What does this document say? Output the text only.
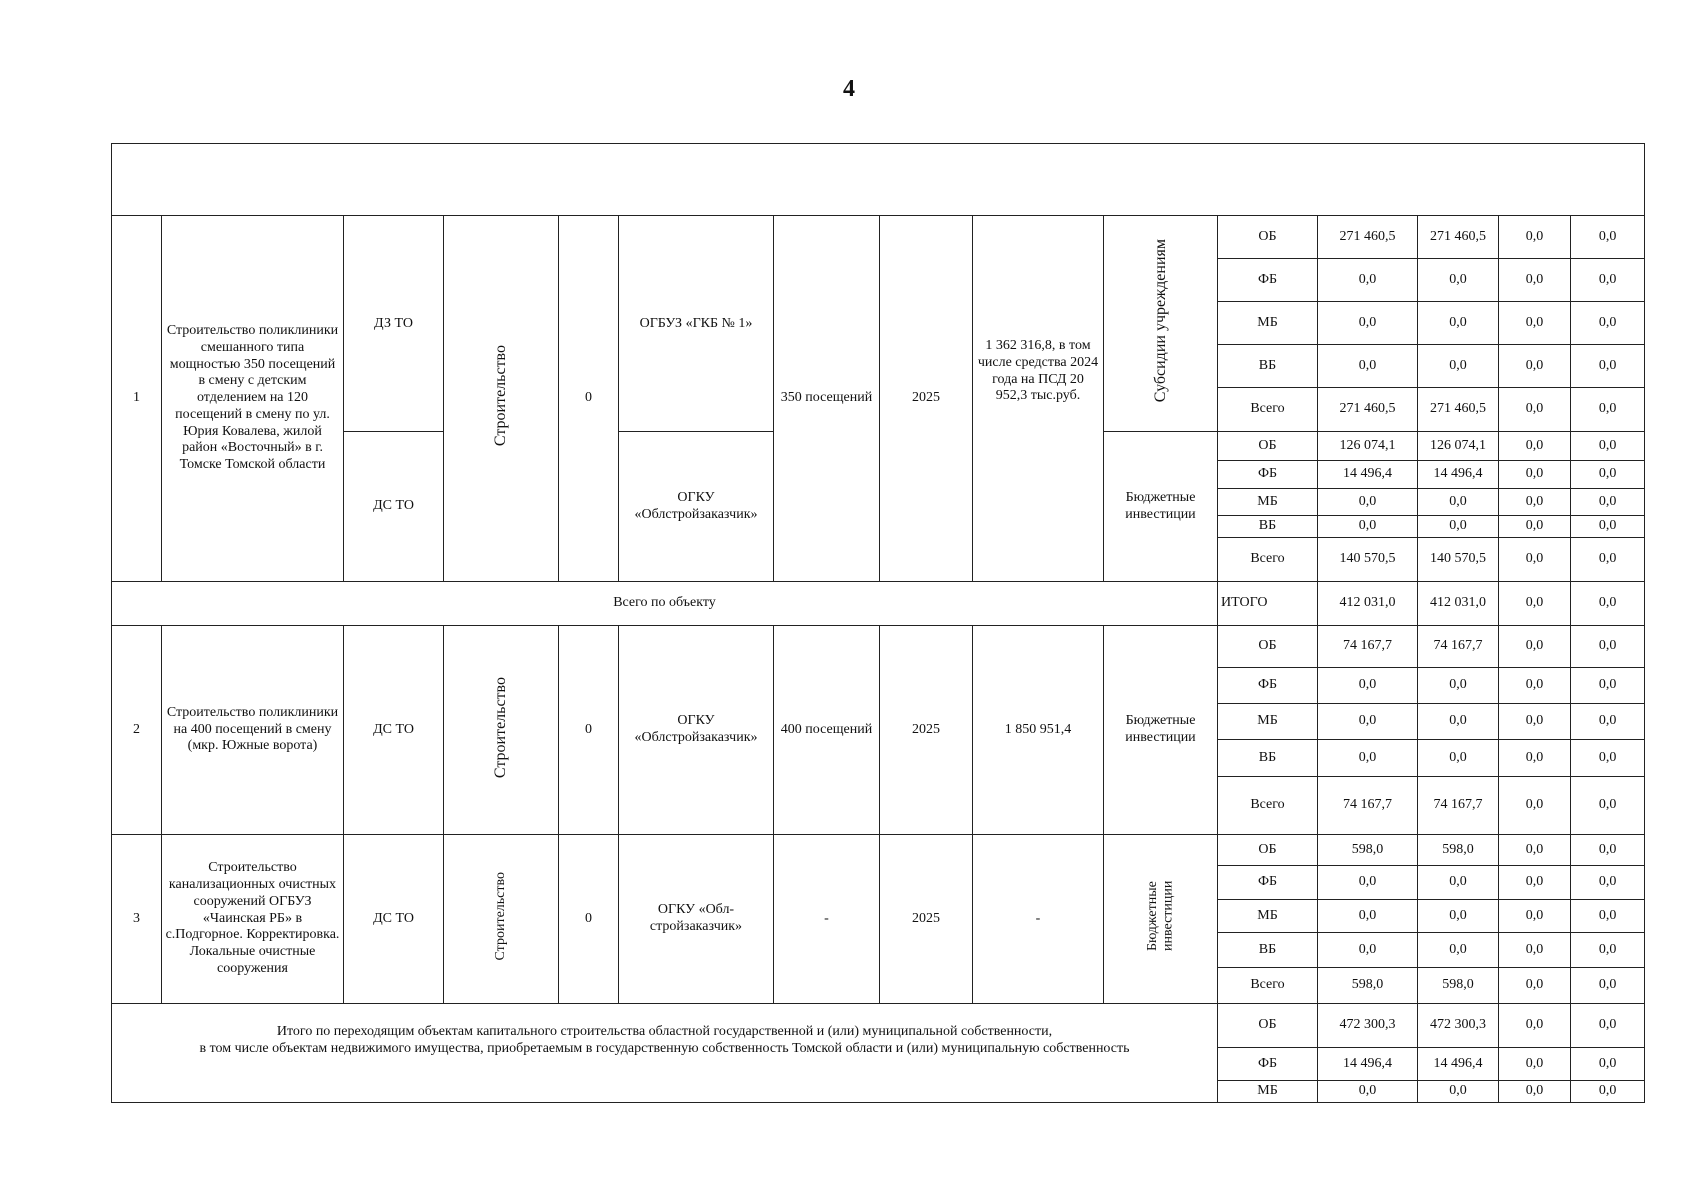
4

1	Строительство поликлиники смешанного типа мощностью 350 посещений в смену с детским отделением на 120 посещений в смену по ул. Юрия Ковалева, жилой район «Восточный» в г. Томске Томской области	ДЗ ТО	Строительство	0	ОГБУЗ «ГКБ № 1»	350 посещений	2025	1 362 316,8, в том числе средства 2024 года на ПСД 20 952,3 тыс.руб.	Субсидии учреждениям	ОБ	271 460,5	271 460,5	0,0	0,0
										ФБ	0,0	0,0	0,0	0,0
										МБ	0,0	0,0	0,0	0,0
										ВБ	0,0	0,0	0,0	0,0
										Всего	271 460,5	271 460,5	0,0	0,0
		ДС ТО			ОГКУ «Облстройзаказчик»				Бюджетные инвестиции	ОБ	126 074,1	126 074,1	0,0	0,0
										ФБ	14 496,4	14 496,4	0,0	0,0
										МБ	0,0	0,0	0,0	0,0
										ВБ	0,0	0,0	0,0	0,0
										Всего	140 570,5	140 570,5	0,0	0,0
Всего по объекту										ИТОГО	412 031,0	412 031,0	0,0	0,0
2	Строительство поликлиники на 400 посещений в смену (мкр. Южные ворота)	ДС ТО	Строительство	0	ОГКУ «Облстройзаказчик»	400 посещений	2025	1 850 951,4	Бюджетные инвестиции	ОБ	74 167,7	74 167,7	0,0	0,0
										ФБ	0,0	0,0	0,0	0,0
										МБ	0,0	0,0	0,0	0,0
										ВБ	0,0	0,0	0,0	0,0
										Всего	74 167,7	74 167,7	0,0	0,0
3	Строительство канализационных очистных сооружений ОГБУЗ «Чаинская РБ» в с.Подгорное. Корректировка. Локальные очистные сооружения	ДС ТО	Строительство	0	ОГКУ «Обл-стройзаказчик»	-	2025	-	Бюджетные инвестиции	ОБ	598,0	598,0	0,0	0,0
										ФБ	0,0	0,0	0,0	0,0
										МБ	0,0	0,0	0,0	0,0
										ВБ	0,0	0,0	0,0	0,0
										Всего	598,0	598,0	0,0	0,0

Итого по переходящим объектам капитального строительства областной государственной и (или) муниципальной собственности,
в том числе объектам недвижимого имущества, приобретаемым в государственную собственность Томской области и (или) муниципальную собственность										ОБ	472 300,3	472 300,3	0,0	0,0
										ФБ	14 496,4	14 496,4	0,0	0,0
										МБ	0,0	0,0	0,0	0,0
